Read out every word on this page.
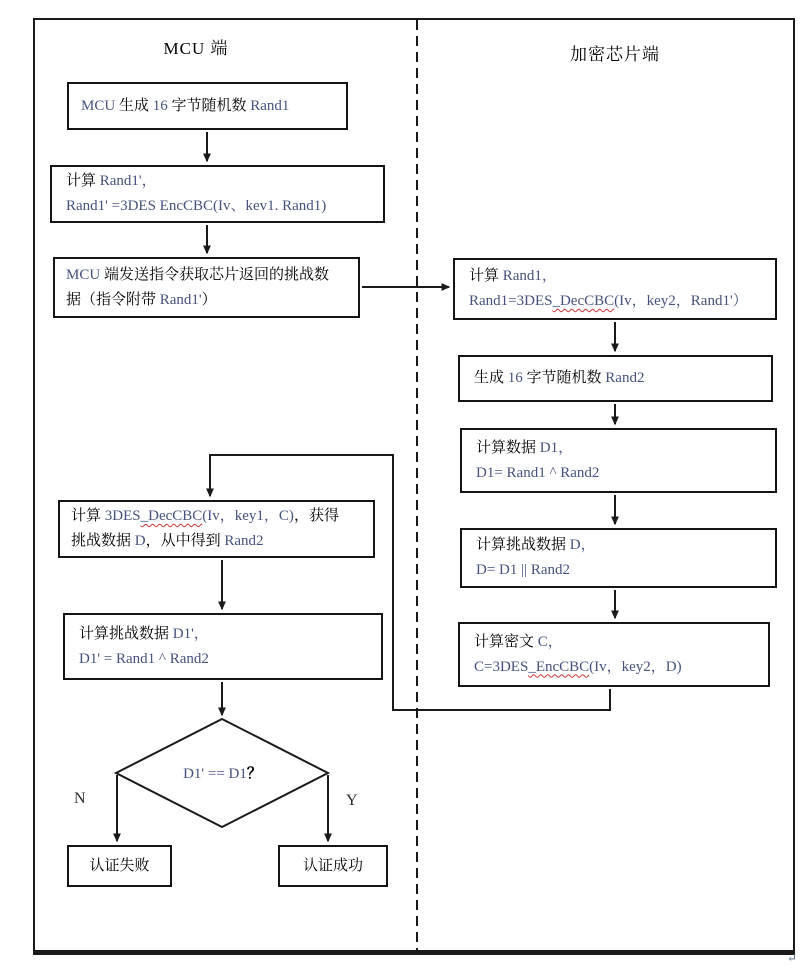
MCU 端	加密芯片端
MCU 生成 16 字节随机数 Rand1
计算 Rand1'，
Rand1' =3DES EncCBC(Iv、kev1. Rand1)
MCU 端发送指令获取芯片返回的挑战数
据（指令附带 Rand1'）
计算 3DES_DecCBC(Iv，key1，C)，获得
挑战数据 D，从中得到 Rand2
计算挑战数据 D1'，
D1' = Rand1 ^ Rand2
D1' == D1？
N	Y
认证失败	认证成功
计算 Rand1，
Rand1=3DES_DecCBC(Iv，key2，Rand1'）
生成 16 字节随机数 Rand2
计算数据 D1，
D1= Rand1 ^ Rand2
计算挑战数据 D，
D= D1 || Rand2
计算密文 C，
C=3DES_EncCBC(Iv，key2，D)
↵
